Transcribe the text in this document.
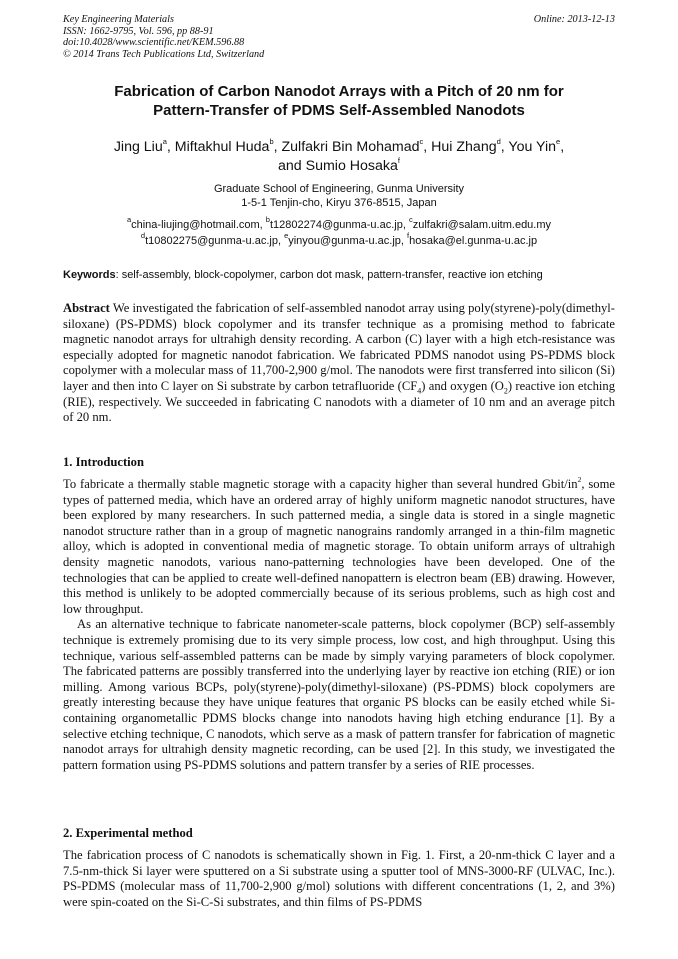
Key Engineering Materials
ISSN: 1662-9795, Vol. 596, pp 88-91
doi:10.4028/www.scientific.net/KEM.596.88
© 2014 Trans Tech Publications Ltd, Switzerland
Online: 2013-12-13
Fabrication of Carbon Nanodot Arrays with a Pitch of 20 nm for
Pattern-Transfer of PDMS Self-Assembled Nanodots
Jing Liu$^a$, Miftakhul Huda$^b$, Zulfakri Bin Mohamad$^c$, Hui Zhang$^d$, You Yin$^e$,
and Sumio Hosaka$^f$
Graduate School of Engineering, Gunma University
1-5-1 Tenjin-cho, Kiryu 376-8515, Japan
$^a$china-liujing@hotmail.com, $^b$t12802274@gunma-u.ac.jp, $^c$zulfakri@salam.uitm.edu.my
$^d$t10802275@gunma-u.ac.jp, $^e$yinyou@gunma-u.ac.jp, $^f$hosaka@el.gunma-u.ac.jp
Keywords: self-assembly, block-copolymer, carbon dot mask, pattern-transfer, reactive ion etching
Abstract We investigated the fabrication of self-assembled nanodot array using poly(styrene)-poly(dimethyl-siloxane) (PS-PDMS) block copolymer and its transfer technique as a promising method to fabricate magnetic nanodot arrays for ultrahigh density recording. A carbon (C) layer with a high etch-resistance was especially adopted for magnetic nanodot fabrication. We fabricated PDMS nanodot using PS-PDMS block copolymer with a molecular mass of 11,700-2,900 g/mol. The nanodots were first transferred into silicon (Si) layer and then into C layer on Si substrate by carbon tetrafluoride $(CF_4)$ and oxygen $(O_2)$ reactive ion etching (RIE), respectively. We succeeded in fabricating C nanodots with a diameter of 10 nm and an average pitch of 20 nm.
1. Introduction

To fabricate a thermally stable magnetic storage with a capacity higher than several hundred Gbit/$in^2$, some types of patterned media, which have an ordered array of highly uniform magnetic nanodot structures, have been explored by many researchers. In such patterned media, a single data is stored in a single magnetic nanodot structure rather than in a group of magnetic nanograins randomly arranged in a thin-film magnetic alloy, which is adopted in conventional media of magnetic storage. To obtain uniform arrays of ultrahigh density magnetic nanodots, various nano-patterning technologies have been developed. One of the technologies that can be applied to create well-defined nanopattern is electron beam (EB) drawing. However, this method is unlikely to be adopted commercially because of its serious problems, such as high cost and low throughput.

As an alternative technique to fabricate nanometer-scale patterns, block copolymer (BCP) self-assembly technique is extremely promising due to its very simple process, low cost, and high throughput. Using this technique, various self-assembled patterns can be made by simply varying parameters of block copolymer. The fabricated patterns are possibly transferred into the underlying layer by reactive ion etching (RIE) or ion milling. Among various BCPs, poly(styrene)-poly(dimethyl-siloxane) (PS-PDMS) block copolymers are greatly interesting because they have unique features that organic PS blocks can be easily etched while Si-containing organometallic PDMS blocks change into nanodots having high etching endurance [1]. By a selective etching technique, C nanodots, which serve as a mask of pattern transfer for fabrication of magnetic nanodot arrays for ultrahigh density magnetic recording, can be used [2]. In this study, we investigated the pattern formation using PS-PDMS solutions and pattern transfer by a series of RIE processes.

2. Experimental method

The fabrication process of C nanodots is schematically shown in Fig. 1. First, a 20-nm-thick C layer and a 7.5-nm-thick Si layer were sputtered on a Si substrate using a sputter tool of MNS-3000-RF (ULVAC, Inc.). PS-PDMS (molecular mass of 11,700-2,900 g/mol) solutions with different concentrations (1, 2, and 3%) were spin-coated on the Si-C-Si substrates, and thin films of PS-PDMS
